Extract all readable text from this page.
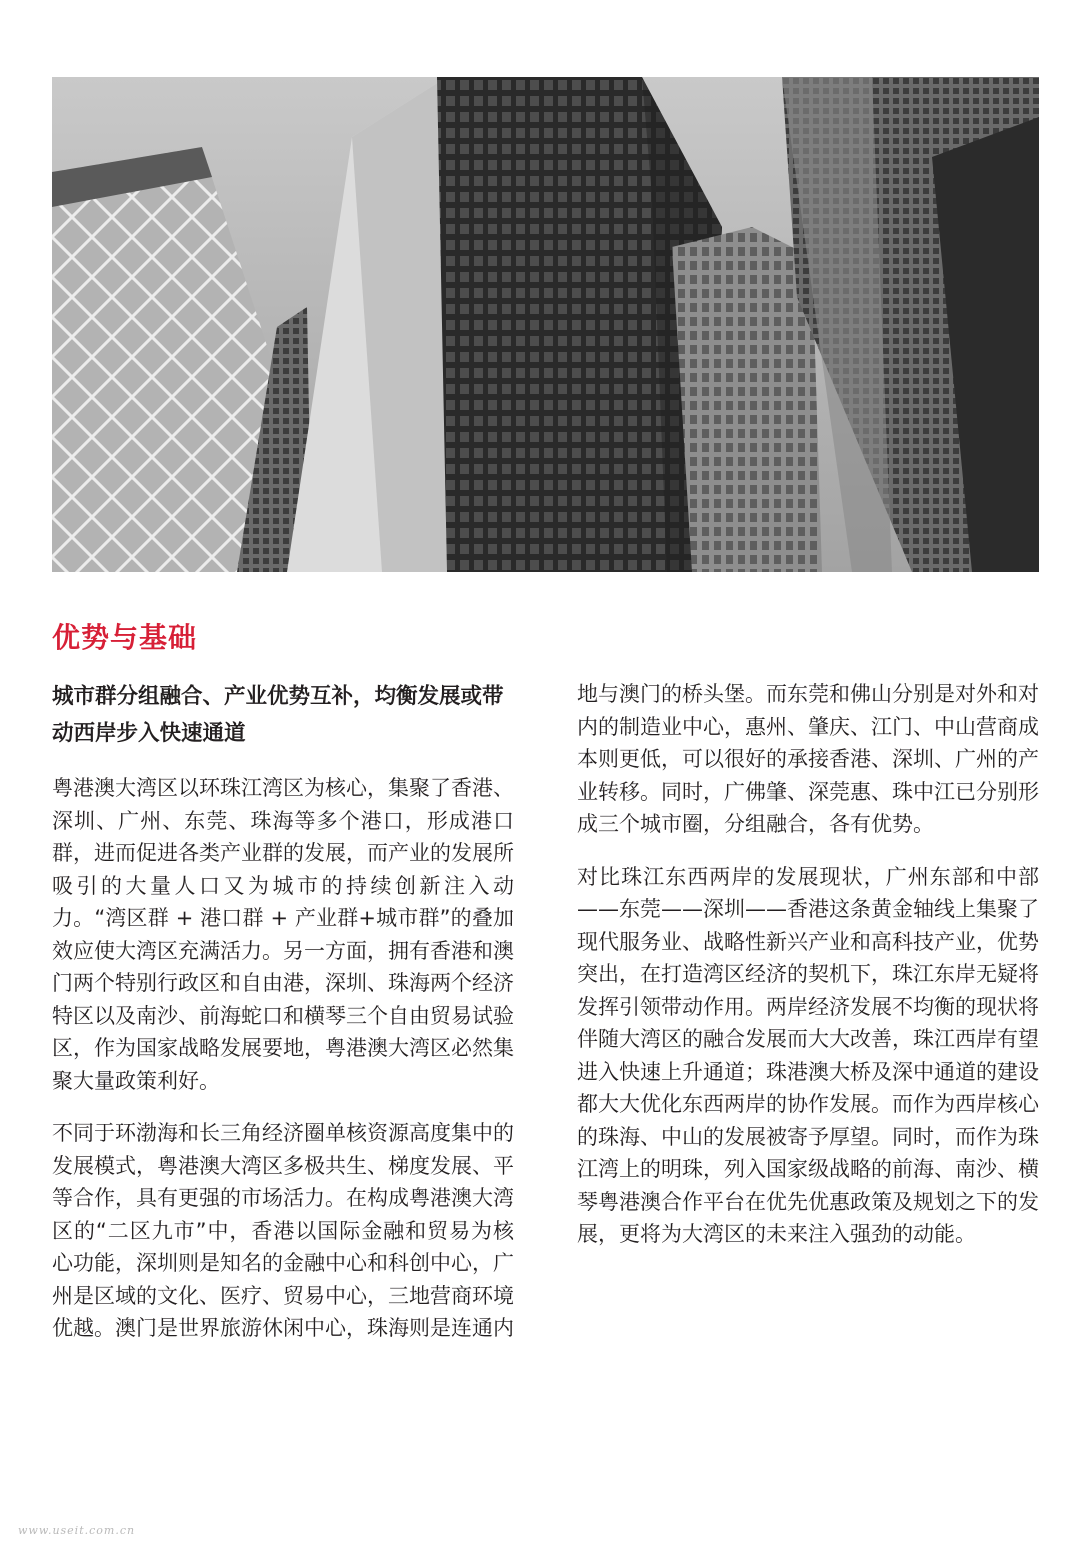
优势与基础
城市群分组融合、产业优势互补，均衡发展或带动西岸步入快速通道

粤港澳大湾区以环珠江湾区为核心，集聚了香港、深圳、广州、东莞、珠海等多个港口，形成港口群，进而促进各类产业群的发展，而产业的发展所吸引的大量人口又为城市的持续创新注入动力。“湾区群 + 港口群 + 产业群+城市群”的叠加效应使大湾区充满活力。另一方面，拥有香港和澳门两个特别行政区和自由港，深圳、珠海两个经济特区以及南沙、前海蛇口和横琴三个自由贸易试验区，作为国家战略发展要地，粤港澳大湾区必然集聚大量政策利好。

不同于环渤海和长三角经济圈单核资源高度集中的发展模式，粤港澳大湾区多极共生、梯度发展、平等合作，具有更强的市场活力。在构成粤港澳大湾区的“二区九市”中，香港以国际金融和贸易为核心功能，深圳则是知名的金融中心和科创中心，广州是区域的文化、医疗、贸易中心，三地营商环境优越。澳门是世界旅游休闲中心，珠海则是连通内

地与澳门的桥头堡。而东莞和佛山分别是对外和对内的制造业中心，惠州、肇庆、江门、中山营商成本则更低，可以很好的承接香港、深圳、广州的产业转移。同时，广佛肇、深莞惠、珠中江已分别形成三个城市圈，分组融合，各有优势。

对比珠江东西两岸的发展现状，广州东部和中部——东莞——深圳——香港这条黄金轴线上集聚了现代服务业、战略性新兴产业和高科技产业，优势突出，在打造湾区经济的契机下，珠江东岸无疑将发挥引领带动作用。两岸经济发展不均衡的现状将伴随大湾区的融合发展而大大改善，珠江西岸有望进入快速上升通道；珠港澳大桥及深中通道的建设都大大优化东西两岸的协作发展。而作为西岸核心的珠海、中山的发展被寄予厚望。同时，而作为珠江湾上的明珠，列入国家级战略的前海、南沙、横琴粤港澳合作平台在优先优惠政策及规划之下的发展，更将为大湾区的未来注入强劲的动能。

www.useit.com.cn
